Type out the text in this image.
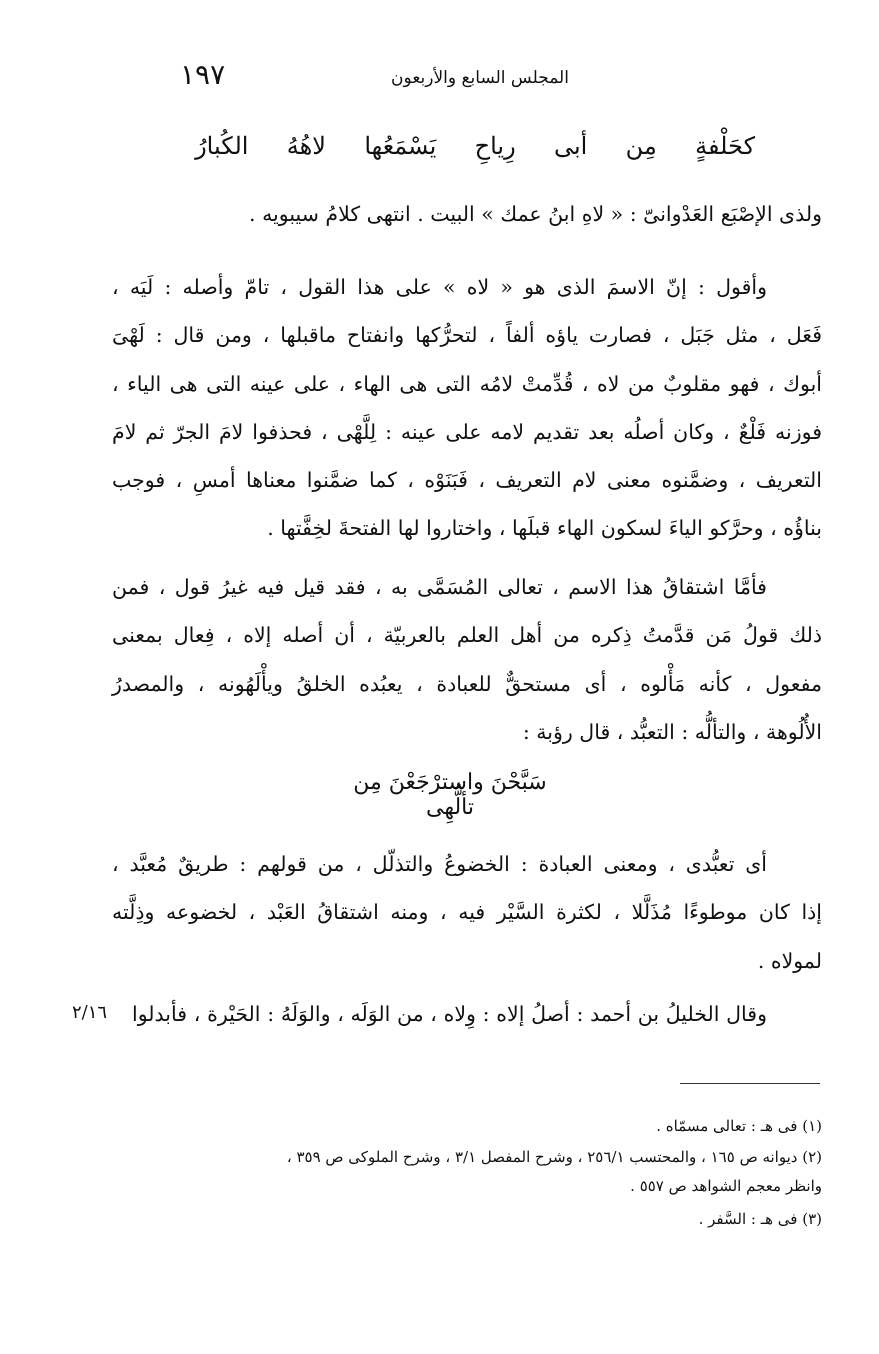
١٩٧	المجلس السابع والأربعون
كحَلْفةٍ
مِن
أبى
رِياحِ
يَسْمَعُها
لاهُهُ
الكُبارُ
ولذى الإصْبَع العَدْوانىّ : « لاهِ ابنُ عمك » البيت . انتهى كلامُ سيبويه .
وأقول : إنّ الاسمَ الذى هو « لاه » على هذا القول ، تامّ وأصله : لَيَه ،
فَعَل ، مثل جَبَل ، فصارت ياؤه ألفاً ، لتحرُّكها وانفتاح ماقبلها ، ومن قال : لَهْىَ
أبوك ، فهو مقلوبٌ من لاه ، قُدِّمتْ لامُه التى هى الهاء ، على عينه التى هى الياء ،
فوزنه فَلْعٌ ، وكان أصلُه بعد تقديم لامه على عينه : لِلَّهْى ، فحذفوا لامَ الجرّ ثم لامَ
التعريف ، وضمَّنوه معنى لام التعريف ، فَبَنَوْه ، كما ضمَّنوا معناها أمسِ ، فوجب
بناؤُه ، وحرَّكو الياءَ لسكون الهاء قبلَها ، واختاروا لها الفتحةَ لخِفَّتها .
فأمَّا اشتقاقُ هذا الاسم ، تعالى المُسَمَّى به ، فقد قيل فيه غيرُ قول ، فمن
ذلك قولُ مَن قدَّمتُ ذِكره من أهل العلم بالعربيّة ، أن أصله إلاه ، فِعال بمعنى
مفعول ، كأنه مَأْلوه ، أى مستحقٌّ للعبادة ، يعبُده الخلقُ ويأْلَهُونه ، والمصدرُ
الأُلُوهة ، والتألُّه : التعبُّد ، قال رؤبة :
سَبَّحْنَ واسترْجَعْنَ مِن تألُّهِى
أى تعبُّدى ، ومعنى العبادة : الخضوعُ والتذلّل ، من قولهم : طريقٌ مُعبَّد ،
إذا كان موطوءًا مُذَلَّلا ، لكثرة السَّيْر فيه ، ومنه اشتقاقُ العَبْد ، لخضوعه وذِلَّته
لمولاه .
وقال الخليلُ بن أحمد : أصلُ إلاه : وِلاه ، من الوَلَه ، والوَلَهُ : الحَيْرة ، فأبدلوا
٢/١٦
(١) فى هـ : تعالى مسمّاه .
(٢) ديوانه ص ١٦٥ ، والمحتسب ٢٥٦/١ ، وشرح المفصل ٣/١ ، وشرح الملوكى ص ٣٥٩ ،
وانظر معجم الشواهد ص ٥٥٧ .
(٣) فى هـ : السَّفر .
